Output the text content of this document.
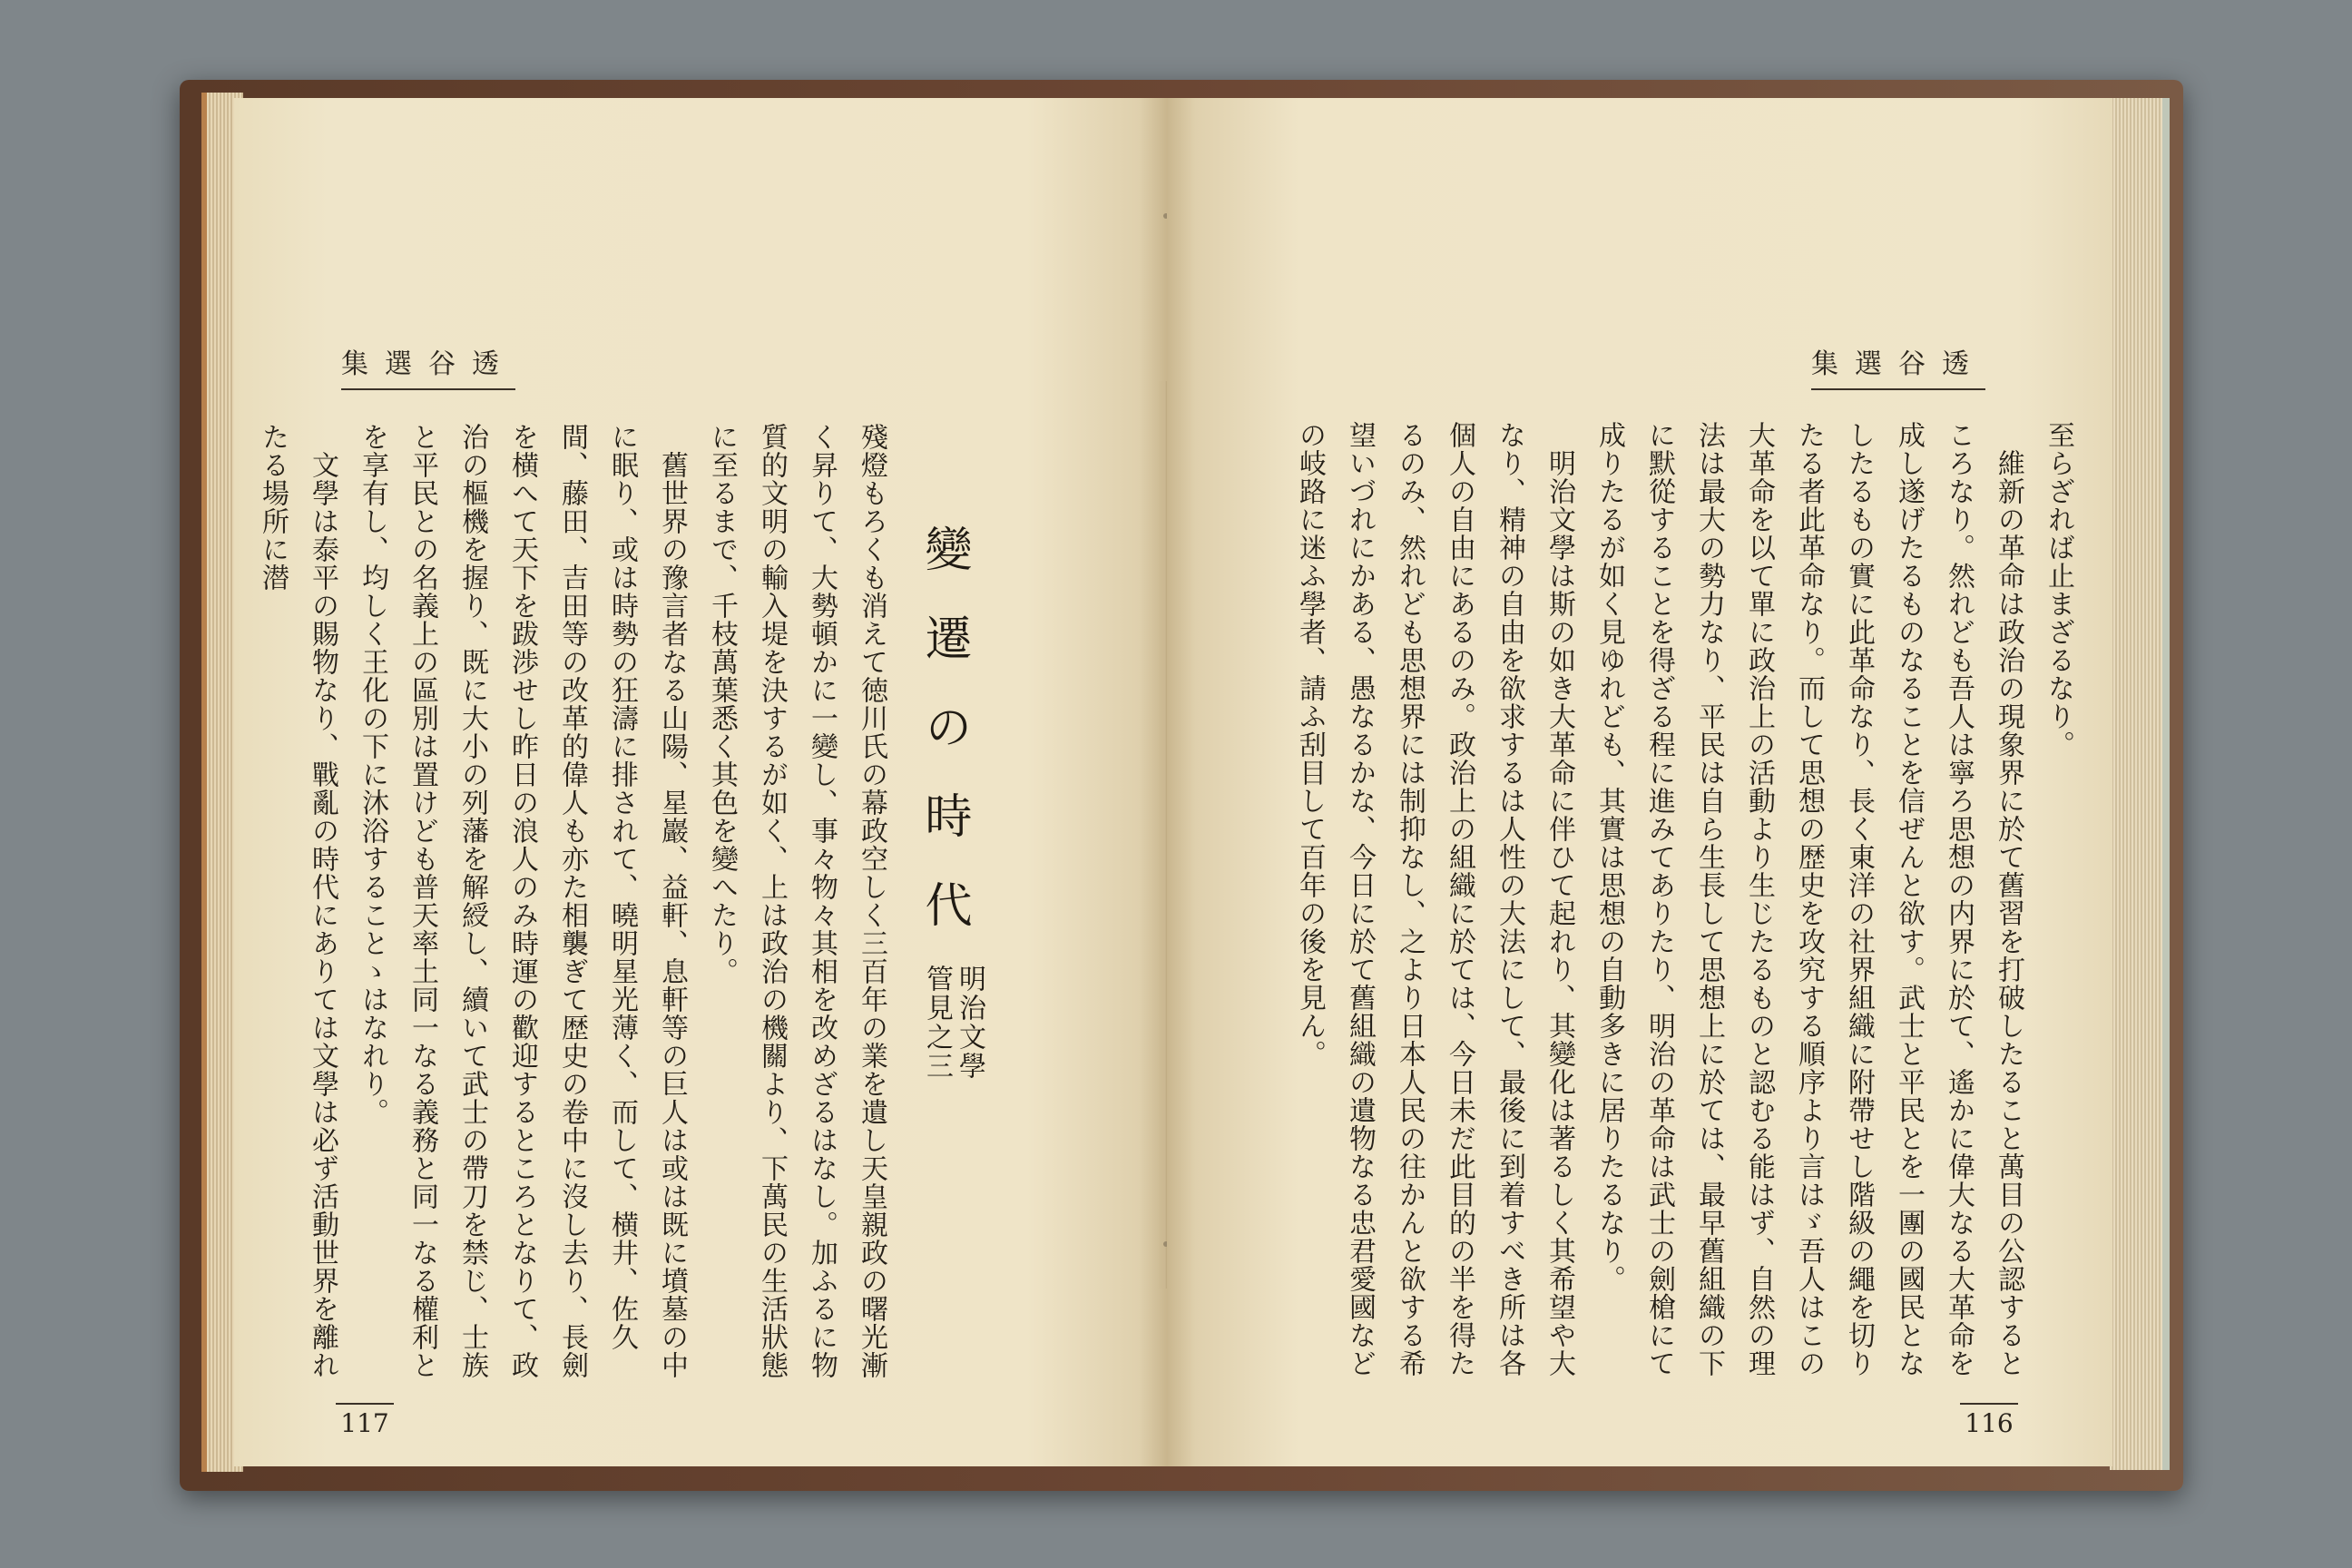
集選谷透
變遷の時代
明治文學
管見之三
殘燈もろくも消えて徳川氏の幕政空しく三百年の業を遺し天皇親政の曙光漸く昇りて、大勢頓かに一變し、事々物々其相を改めざるはなし。加ふるに物質的文明の輸入堤を決するが如く、上は政治の機關より、下萬民の生活狀態に至るまで、千枝萬葉悉く其色を變へたり。
　舊世界の豫言者なる山陽、星巖、益軒、息軒等の巨人は或は既に墳墓の中に眠り、或は時勢の狂濤に排されて、曉明星光薄く、而して、横井、佐久間、藤田、吉田等の改革的偉人も亦た相襲ぎて歴史の卷中に沒し去り、長劍を横へて天下を跋渉せし昨日の浪人のみ時運の歡迎するところとなりて、政治の樞機を握り、既に大小の列藩を解綬し、續いて武士の帶刀を禁じ、士族と平民との名義上の區別は置けども普天率土同一なる義務と同一なる權利とを享有し、均しく王化の下に沐浴することゝはなれり。
　文學は泰平の賜物なり、戰亂の時代にありては文學は必ず活動世界を離れたる場所に潜
117
集選谷透
至らざれば止まざるなり。
　維新の革命は政治の現象界に於て舊習を打破したること萬目の公認するところなり。然れども吾人は寧ろ思想の内界に於て、遙かに偉大なる大革命を成し遂げたるものなることを信ぜんと欲す。武士と平民とを一團の國民となしたるもの實に此革命なり、長く東洋の社界組織に附帶せし階級の繩を切りたる者此革命なり。而して思想の歴史を攻究する順序より言はゞ吾人はこの大革命を以て單に政治上の活動より生じたるものと認むる能はず、自然の理法は最大の勢力なり、平民は自ら生長して思想上に於ては、最早舊組織の下に默從することを得ざる程に進みてありたり、明治の革命は武士の劍槍にて成りたるが如く見ゆれども、其實は思想の自動多きに居りたるなり。
　明治文學は斯の如き大革命に伴ひて起れり、其變化は著るしく其希望や大なり、精神の自由を欲求するは人性の大法にして、最後に到着すべき所は各個人の自由にあるのみ。政治上の組織に於ては、今日未だ此目的の半を得たるのみ、然れども思想界には制抑なし、之より日本人民の往かんと欲する希望いづれにかある、愚なるかな、今日に於て舊組織の遺物なる忠君愛國などの岐路に迷ふ學者、請ふ刮目して百年の後を見ん。
116
